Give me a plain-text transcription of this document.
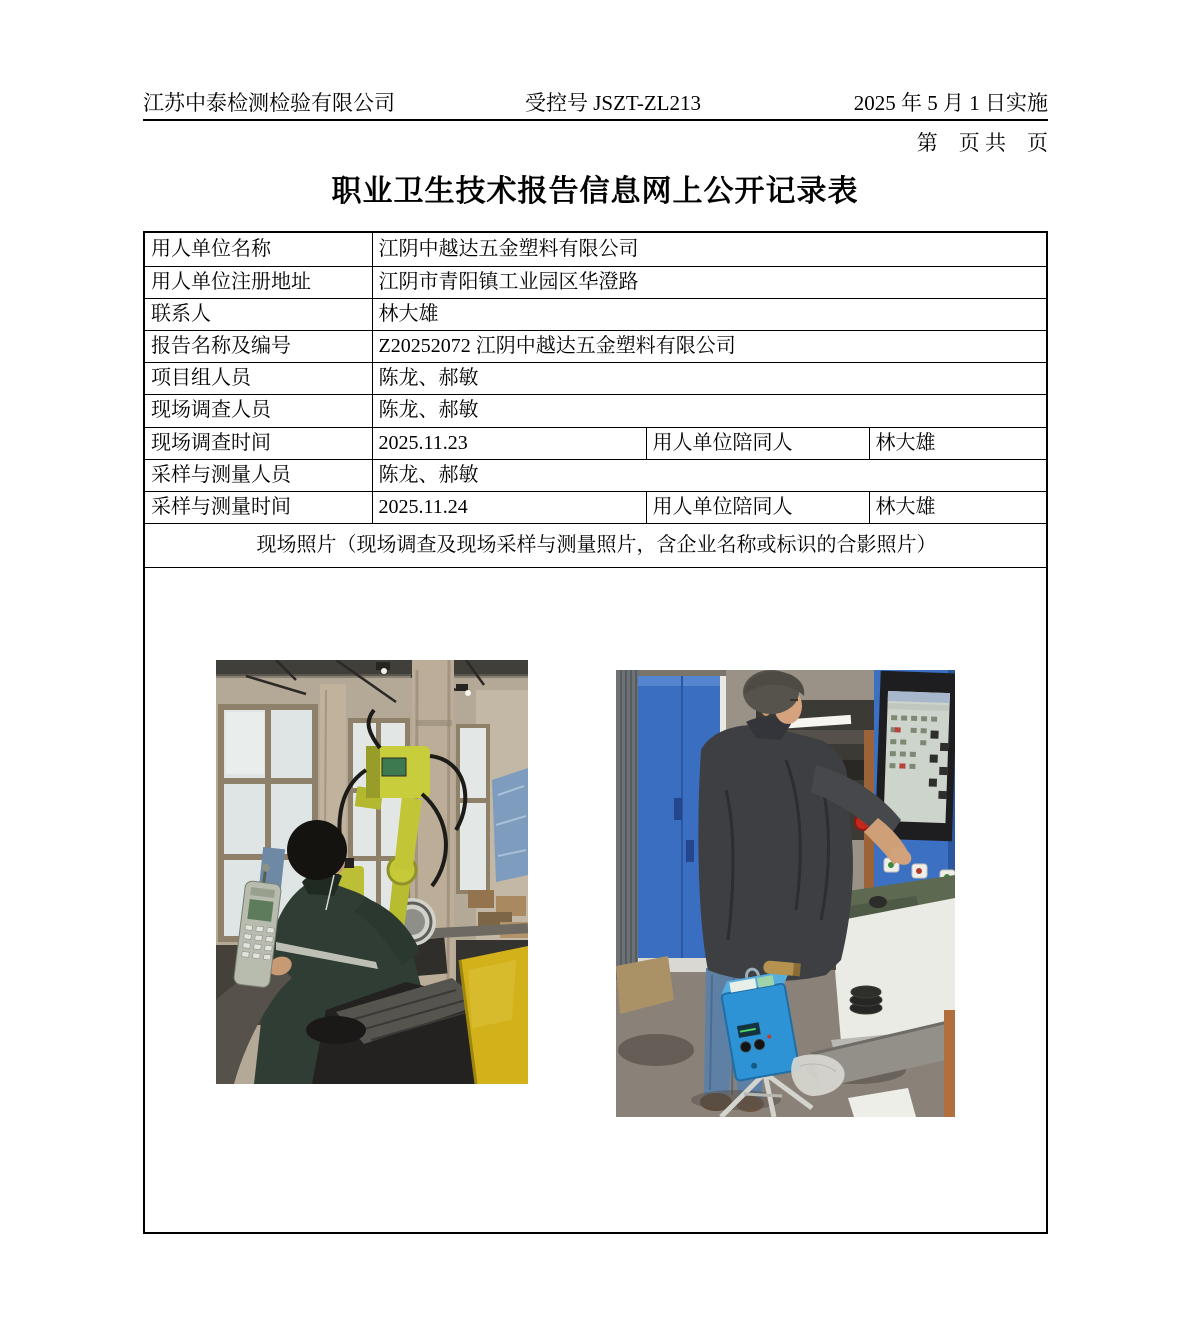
江苏中泰检测检验有限公司	受控号 JSZT-ZL213	2025 年 5 月 1 日实施
第　页 共　页
职业卫生技术报告信息网上公开记录表
用人单位名称	江阴中越达五金塑料有限公司		
用人单位注册地址	江阴市青阳镇工业园区华澄路		
联系人	林大雄		
报告名称及编号	Z20252072 江阴中越达五金塑料有限公司		
项目组人员	陈龙、郝敏		
现场调查人员	陈龙、郝敏		
现场调查时间	2025.11.23	用人单位陪同人	林大雄
采样与测量人员	陈龙、郝敏		
采样与测量时间	2025.11.24	用人单位陪同人	林大雄
现场照片（现场调查及现场采样与测量照片，含企业名称或标识的合影照片）			
